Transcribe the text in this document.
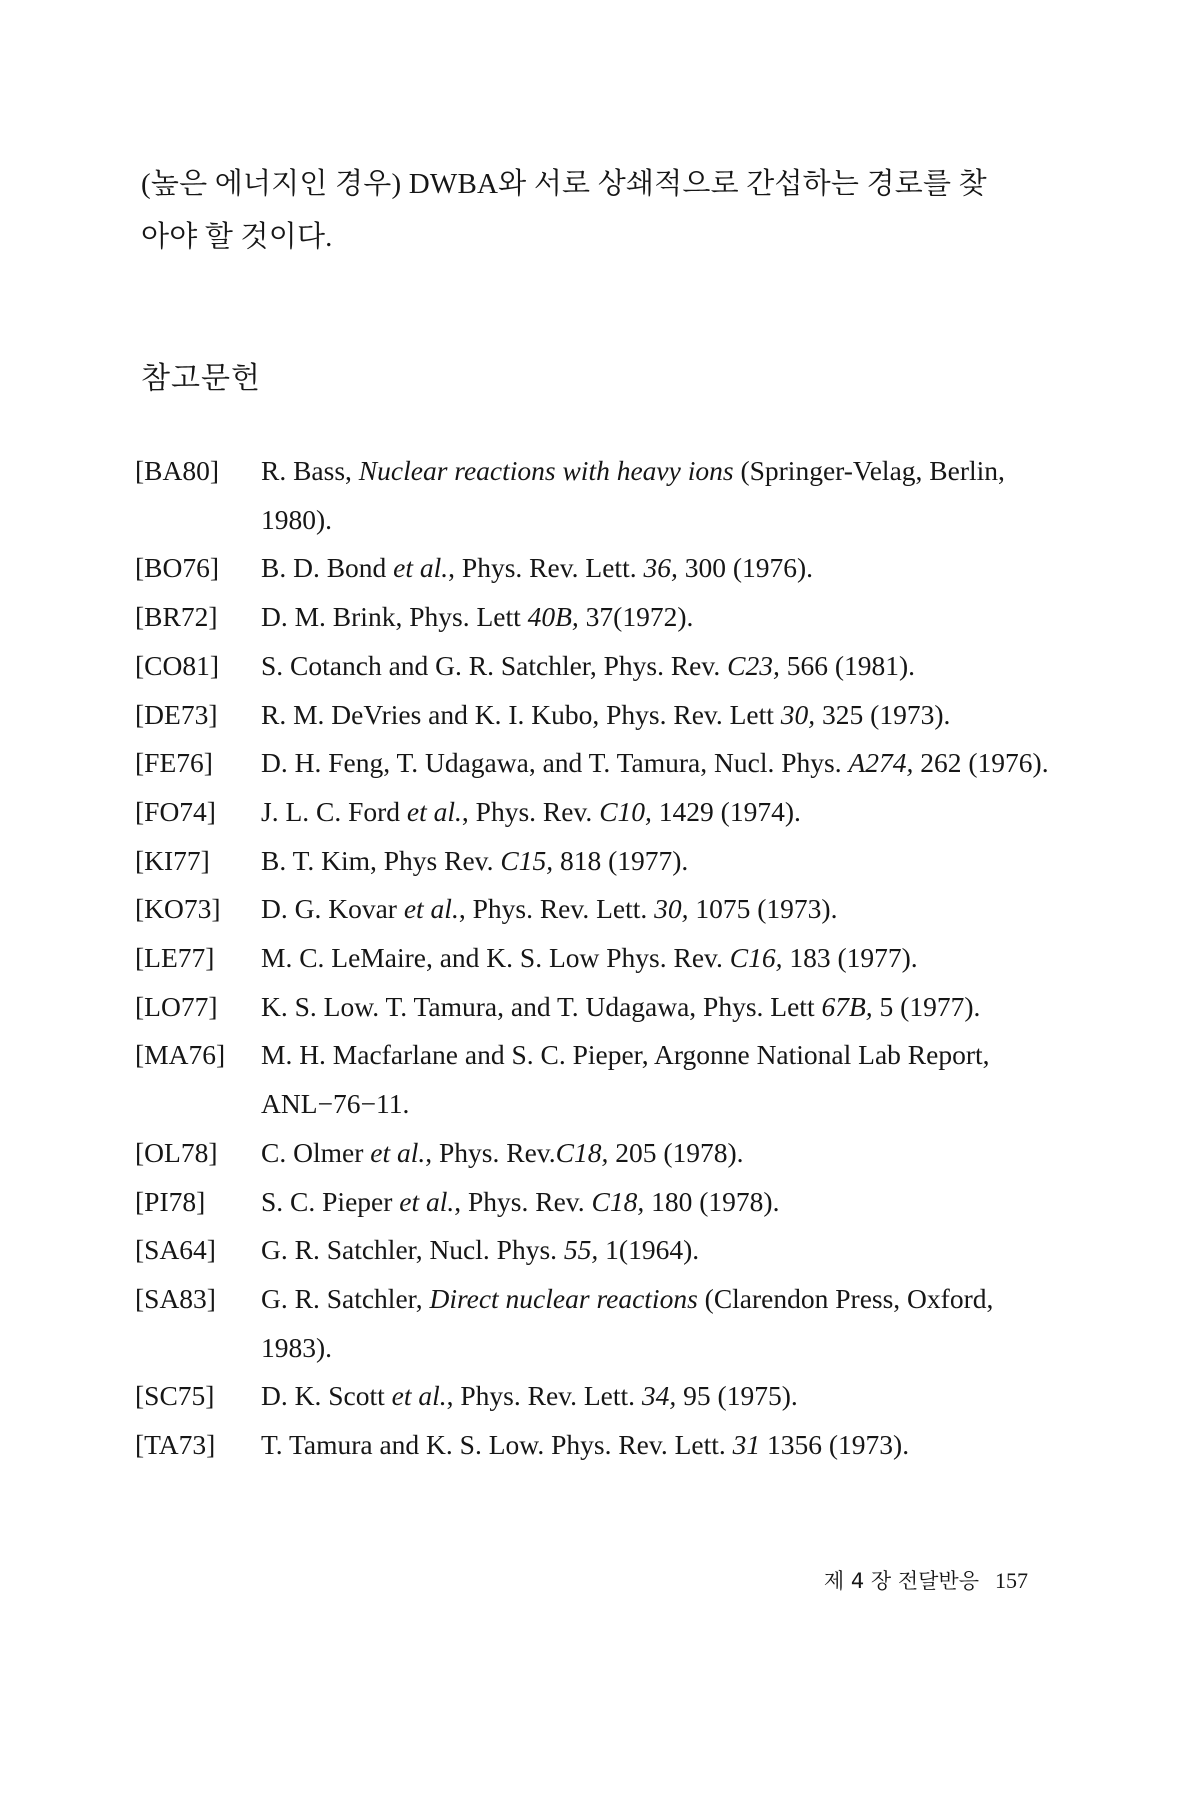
(높은 에너지인 경우) DWBA와 서로 상쇄적으로 간섭하는 경로를 찾

아야 할 것이다.

참고문헌
[BA80]	R. Bass, Nuclear reactions with heavy ions (Springer-Velag, Berlin, 1980).
[BO76]	B. D. Bond et al., Phys. Rev. Lett. 36, 300 (1976).
[BR72]	D. M. Brink, Phys. Lett 40B, 37(1972).
[CO81]	S. Cotanch and G. R. Satchler, Phys. Rev. C23, 566 (1981).
[DE73]	R. M. DeVries and K. I. Kubo, Phys. Rev. Lett 30, 325 (1973).
[FE76]	D. H. Feng, T. Udagawa, and T. Tamura, Nucl. Phys. A274, 262 (1976).
[FO74]	J. L. C. Ford et al., Phys. Rev. C10, 1429 (1974).
[KI77]	B. T. Kim, Phys Rev. C15, 818 (1977).
[KO73]	D. G. Kovar et al., Phys. Rev. Lett. 30, 1075 (1973).
[LE77]	M. C. LeMaire, and K. S. Low Phys. Rev. C16, 183 (1977).
[LO77]	K. S. Low. T. Tamura, and T. Udagawa, Phys. Lett 67B, 5 (1977).
[MA76]	M. H. Macfarlane and S. C. Pieper, Argonne National Lab Report, ANL−76−11.
[OL78]	C. Olmer et al., Phys. Rev.C18, 205 (1978).
[PI78]	S. C. Pieper et al., Phys. Rev. C18, 180 (1978).
[SA64]	G. R. Satchler, Nucl. Phys. 55, 1(1964).
[SA83]	G. R. Satchler, Direct nuclear reactions (Clarendon Press, Oxford, 1983).
[SC75]	D. K. Scott et al., Phys. Rev. Lett. 34, 95 (1975).
[TA73]	T. Tamura and K. S. Low. Phys. Rev. Lett. 31 1356 (1973).
제 4 장 전달반응 157
